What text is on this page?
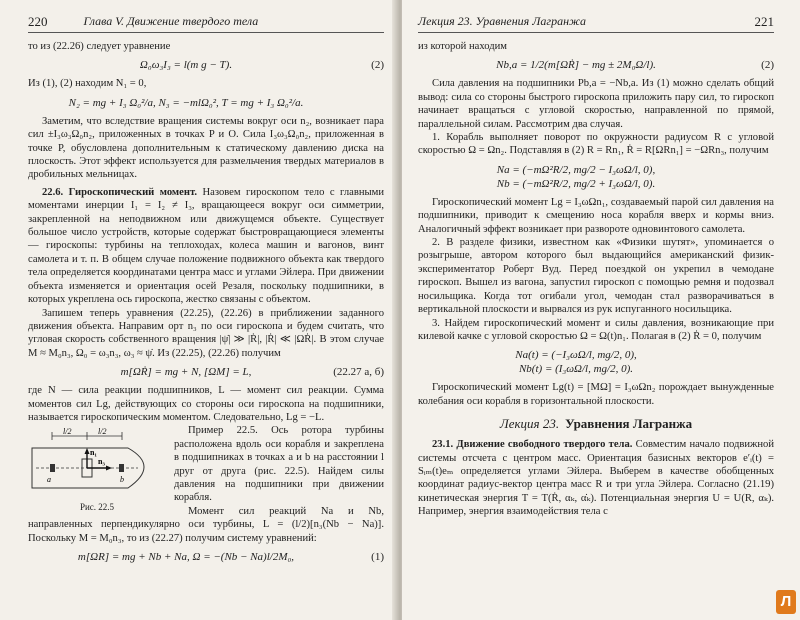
220	Глава V. Движение твердого тела

то из (22.26) следует уравнение

Ω₀ω₃I₃ = l(m g − T).	(2)

Из (1), (2) находим N₁ = 0,

N₂ = mg + I₃ Ω₀²/a, N₃ = −mlΩ₀², T = mg + I₃ Ω₀²/a.

Заметим, что вследствие вращения системы вокруг оси n₂, возникает пара сил ±I₃ω₃Ω₀n₂, приложенных в точках P и O. Сила I₃ω₃Ω₀n₂, приложенная в точке P, обусловлена дополнительным к статическому давлению диска на плоскость. Этот эффект используется для размельчения твердых материалов в дробильных мельницах.

22.6. Гироскопический момент. Назовем гироскопом тело с главными моментами инерции I₁ = I₂ ≠ I₃, вращающееся вокруг оси симметрии, закрепленной на неподвижном или движущемся объекте. Существует большое число устройств, которые содержат быстровращающиеся элементы — гироскопы: турбины на теплоходах, колеса машин и вагонов, винт самолета и т. п. В общем случае положение подвижного объекта как твердого тела определяется координатами центра масс и углами Эйлера. При движении объекта изменяется и ориентация осей Резаля, поскольку подшипники, в которых укреплена ось гироскопа, жестко связаны с объектом.

Запишем теперь уравнения (22.25), (22.26) в приближении заданного движения объекта. Направим орт n₃ по оси гироскопа и будем считать, что угловая скорость собственного вращения |ψ̇| ≫ |Ṙ|, |Ṙ| ≪ |ΩṘ|. В этом случае M ≈ M₀n₃, Ω₀ = ω₃n₃, ω₃ ≈ ψ̇. Из (22.25), (22.26) получим

m[ΩṘ] = mg + N, [ΩM] = L,	(22.27 a, б)

где N — сила реакции подшипников, L — момент сил реакции. Сумма моментов сил Lg, действующих со стороны оси гироскопа на подшипники, называется гироскопическим моментом. Следовательно, Lg = −L.

l/2	l/2
n₃
n₁
a	b
Рис. 22.5

Пример 22.5. Ось ротора турбины расположена вдоль оси корабля и закреплена в подшипниках в точках a и b на расстоянии l друг от друга (рис. 22.5). Найдем силы давления на подшипники при движении корабля.

Момент сил реакций Na и Nb, направленных перпендикулярно оси турбины, L = (l/2)[n₃(Nb − Na)]. Поскольку M = M₀n₃, то из (22.27) получим систему уравнений:

m[ΩR] = mg + Nb + Na, Ω = −(Nb − Na)l/2M₀,	(1)
Лекция 23. Уравнения Лагранжа	221

из которой находим

Nb,a = 1/2(m[ΩṘ] − mg ± 2M₀Ω/l).	(2)

Сила давления на подшипники Pb,a = −Nb,a. Из (1) можно сделать общий вывод: сила со стороны быстрого гироскопа приложить пару сил, то гироскоп начинает вращаться с угловой скоростью, направленной по прямой, параллельной силам. Рассмотрим два случая.

1. Корабль выполняет поворот по окружности радиусом R с угловой скоростью Ω = Ωn₂. Подставляя в (2) R = Rn₁, Ṙ = R[ΩRn₁] = −ΩRn₃, получим

Na = (−mΩ²R/2, mg/2 − I₃ωΩ/l, 0),
Nb = (−mΩ²R/2, mg/2 + I₃ωΩ/l, 0).

Гироскопический момент Lg = I₃ωΩn₁, создаваемый парой сил давления на подшипники, приводит к смещению носа корабля вверх и кормы вниз. Аналогичный эффект возникает при развороте одновинтового самолета.

2. В разделе физики, известном как «Физики шутят», упоминается о розыгрыше, автором которого был выдающийся американский физик-экспериментатор Роберт Вуд. Перед поездкой он укрепил в чемодане гироскоп. Вышел из вагона, запустил гироскоп с помощью ремня и подозвал носильщика. Когда тот огибали угол, чемодан стал разворачиваться в вертикальной плоскости и вырвался из рук испуганного носильщика.

3. Найдем гироскопический момент и силы давления, возникающие при килевой качке с угловой скоростью Ω = Ω(t)n₁. Полагая в (2) Ṙ = 0, получим

Na(t) = (−I₃ωΩ/l, mg/2, 0),
Nb(t) = (I₃ωΩ/l, mg/2, 0).

Гироскопический момент Lg(t) = [MΩ] = I₃ωΩn₂ порождает вынужденные колебания оси корабля в горизонтальной плоскости.

Лекция 23. Уравнения Лагранжа

23.1. Движение свободного твердого тела. Совместим начало подвижной системы отсчета с центром масс. Ориентация базисных векторов e′ᵢ(t) = Sᵢₘ(t)eₘ определяется углами Эйлера. Выберем в качестве обобщенных координат радиус-вектор центра масс R и три угла Эйлера. Согласно (21.19) кинетическая энергия T = T(Ṙ, αₖ, α̇ₖ). Потенциальная энергия U = U(R, αₖ). Например, энергия взаимодействия тела с

Л
